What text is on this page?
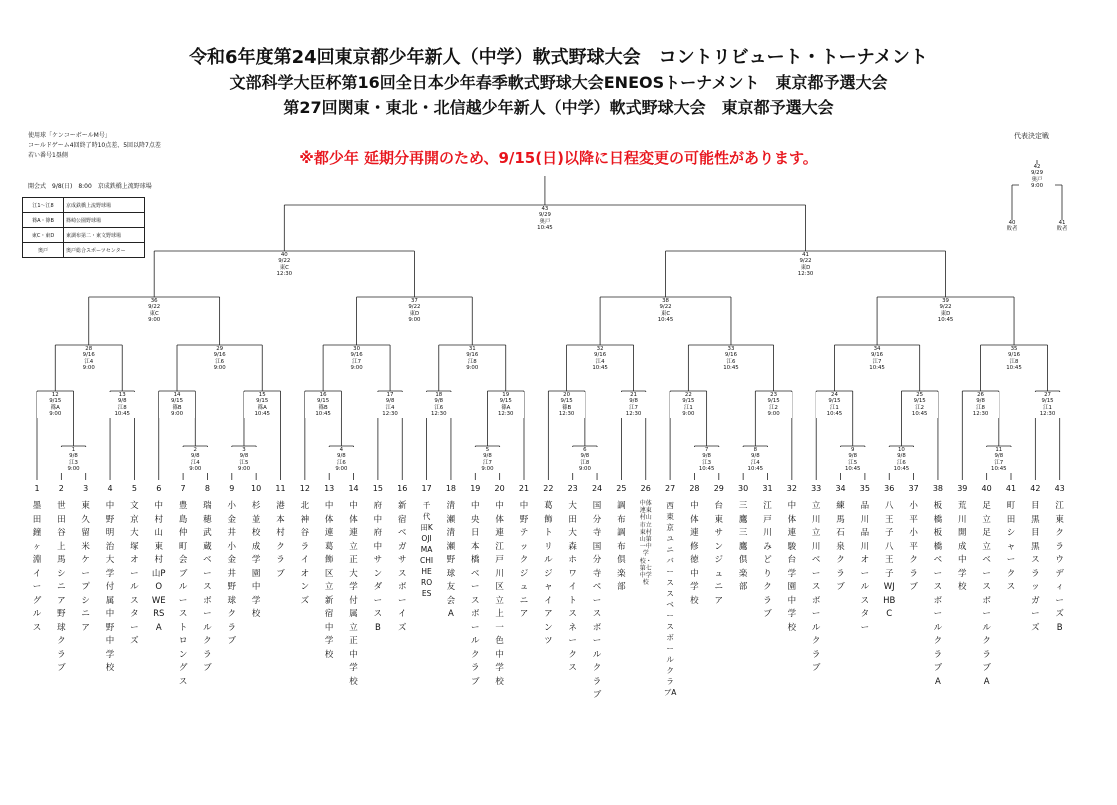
令和6年度第24回東京都少年新人（中学）軟式野球大会　コントリビュート・トーナメント
文部科学大臣杯第16回全日本少年春季軟式野球大会ENEOSトーナメント　東京都予選大会
第27回関東・東北・北信越少年新人（中学）軟式野球大会　東京都予選大会
※都少年 延期分再開のため、9/15(日)以降に日程変更の可能性があります。
使用球「ケンコーボールM号」
コールドゲーム4回終了時10点差、5回以降7点差
若い番号1塁側
開会式　9/8(日)　8:00　京成鉄橋上流野球場
代表決定戦
江1～江8	京成鉄橋上流野球場
篠A・篠B	篠崎公園野球場
東C・東D	東調布第二・東文野球場
奥戸	奥戸総合スポーツセンター
1
9/8
江3
9:00
2
9/8
江4
9:00
3
9/8
江5
9:00
4
9/8
江6
9:00
5
9/8
江7
9:00
6
9/8
江8
9:00
7
9/8
江3
10:45
8
9/8
江4
10:45
9
9/8
江5
10:45
10
9/8
江6
10:45
11
9/8
江7
10:45
12
9/15
篠A
9:00
13
9/8
江8
10:45
14
9/15
篠B
9:00
15
9/15
篠A
10:45
16
9/15
篠B
10:45
17
9/8
江4
12:30
18
9/8
江6
12:30
19
9/15
篠A
12:30
20
9/15
篠B
12:30
21
9/8
江7
12:30
22
9/15
江1
9:00
23
9/15
江2
9:00
24
9/15
江1
10:45
25
9/15
江2
10:45
26
9/8
江8
12:30
27
9/15
江1
12:30
28
9/16
江4
9:00
29
9/16
江6
9:00
30
9/16
江7
9:00
31
9/16
江8
9:00
32
9/16
江4
10:45
33
9/16
江6
10:45
34
9/16
江7
10:45
35
9/16
江8
10:45
36
9/22
東C
9:00
37
9/22
東D
9:00
38
9/22
東C
10:45
39
9/22
東D
10:45
40
9/22
東C
12:30
41
9/22
東D
12:30
43
9/29
奥戸
10:45
42
9/29
奥戸
9:00
40
敗者
41
敗者
1
墨田鐘ヶ淵イーグルス
2
世田谷上馬シニア野球クラブ
3
東久留米ケープシニア
4
中野明治大学付属中野中学校
5
文京大塚オールスターズ
6
中村山東村山POWERSA
7
豊島仲町会ブルーストロングス
8
瑞穂武蔵ベースボールクラブ
9
小金井小金井野球クラブ
10
杉並校成学園中学校
11
港本村クラブ
12
北神谷ライオンズ
13
中体連葛飾区立新宿中学校
14
中体連立正大学付属立正中学校
15
府中府中サンダースB
16
新宿ベガサスボーイズ
17
千代田KOJIMACHI HEROES
18
清瀬清瀬野球友会A
19
中央日本橋ベースボールクラブ
20
中体連江戸川区立上一色中学校
21
中野テックジュニア
22
葛飾トリルジャイアンツ
23
大田大森ホワイトスネークス
24
国分寺国分寺ベースボールクラブ
25
調布調布倶楽部
26
中体連東村山市立東村山第一中学校・第七中学校
27
西東京ユニバーススベースボールクラブA
28
中体連修徳中学校
29
台東サンジュニア
30
三鷹三鷹倶楽部
31
江戸川みどりクラブ
32
中体連駿台学園中学校
33
立川立川ベースボールクラブ
34
練馬石泉クラブ
35
品川品川オールスター
36
八王子八王子WJHBC
37
小平小平クラブ
38
板橋板橋ベースボールクラブA
39
荒川開成中学校
40
足立足立ベースボールクラブA
41
町田シャークス
42
目黒目黒スラッガーズ
43
江東クラウディーズB
